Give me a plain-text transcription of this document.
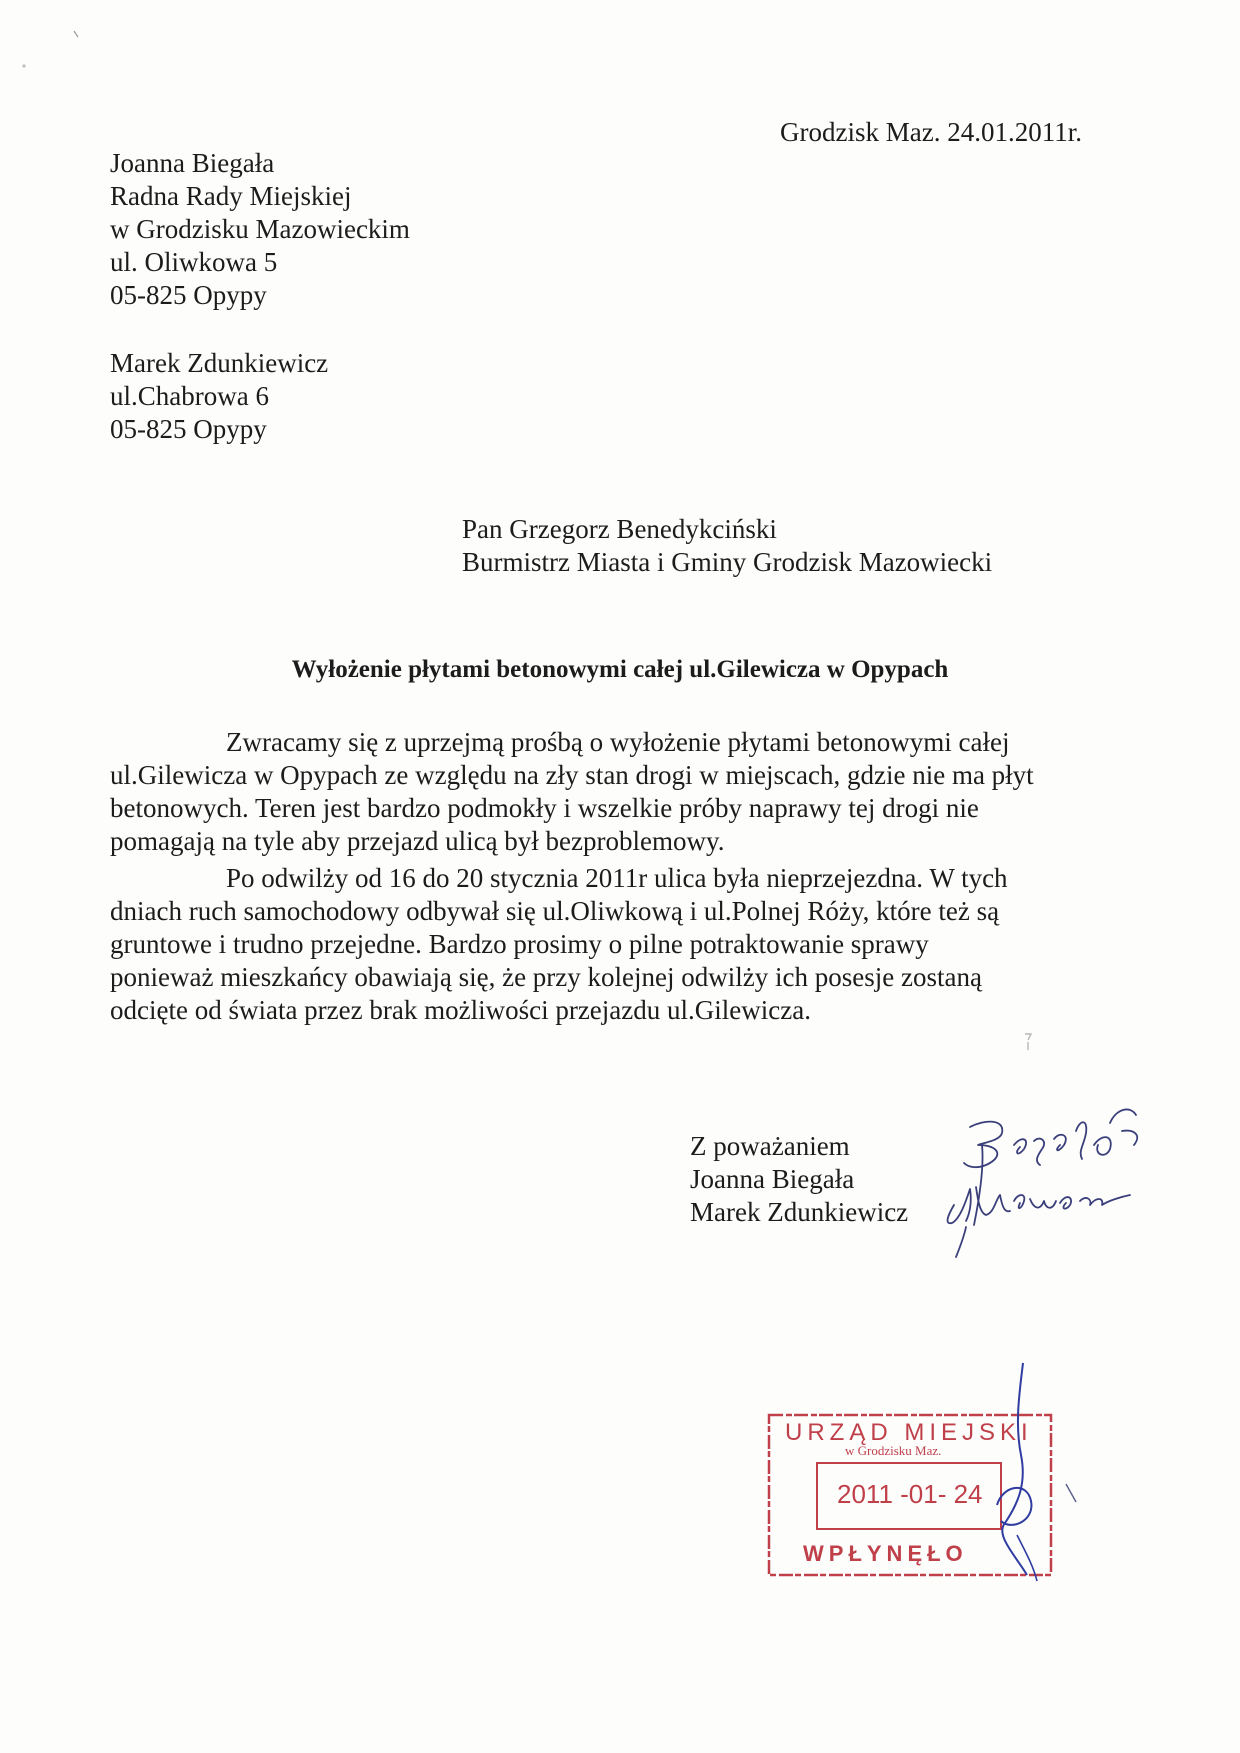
Grodzisk Maz. 24.01.2011r.
Joanna Biegała
Radna Rady Miejskiej
w Grodzisku Mazowieckim
ul. Oliwkowa 5
05-825 Opypy
Marek Zdunkiewicz
ul.Chabrowa 6
05-825 Opypy
Pan Grzegorz Benedykciński
Burmistrz Miasta i Gminy Grodzisk Mazowiecki
Wyłożenie płytami betonowymi całej ul.Gilewicza w Opypach
Zwracamy się z uprzejmą prośbą o wyłożenie płytami betonowymi całej
ul.Gilewicza w Opypach ze względu na zły stan drogi w miejscach, gdzie nie ma płyt
betonowych. Teren jest bardzo podmokły i wszelkie próby naprawy tej drogi nie
pomagają na tyle aby przejazd ulicą był bezproblemowy.
Po odwilży od 16 do 20 stycznia 2011r ulica była nieprzejezdna. W tych
dniach ruch samochodowy odbywał się ul.Oliwkową i ul.Polnej Róży, które też są
gruntowe i trudno przejedne. Bardzo prosimy o pilne potraktowanie sprawy
ponieważ mieszkańcy obawiają się, że przy kolejnej odwilży ich posesje zostaną
odcięte od świata przez brak możliwości przejazdu ul.Gilewicza.
Z poważaniem
Joanna Biegała
Marek Zdunkiewicz
URZĄD MIEJSKI
w Grodzisku Maz.
2011 -01- 24
WPŁYNĘŁO
